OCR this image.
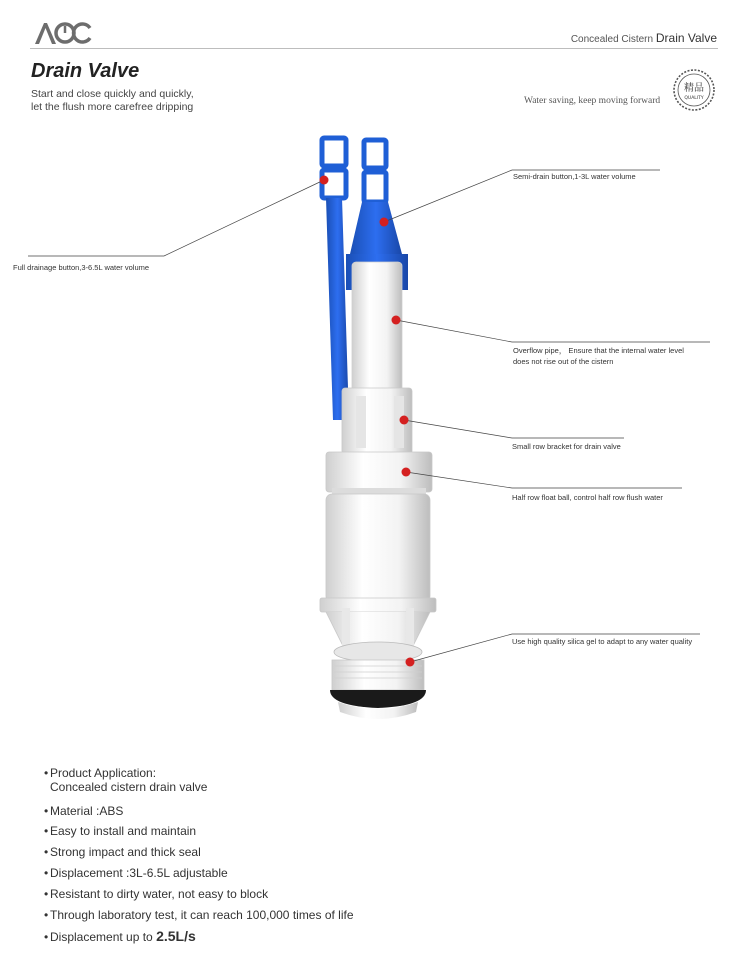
Concealed Cistern Drain Valve
Drain Valve
Start and close quickly and quickly,
let the flush more carefree dripping	Water saving, keep moving forward
精品
QUALITY
Semi-drain button,1-3L water volume
Full drainage button,3-6.5L water volume
Overflow pipe， Ensure that the internal water level
does not rise out of the cistern
Small row bracket for drain valve
Half row float ball, control half row flush water
Use high quality silica gel to adapt to any water quality
• Product Application:
Concealed cistern drain valve
• Material :ABS
• Easy to install and maintain
• Strong impact and thick seal
• Displacement :3L-6.5L adjustable
• Resistant to dirty water, not easy to block
• Through laboratory test, it can reach 100,000 times of life
• Displacement up to 2.5L/s
